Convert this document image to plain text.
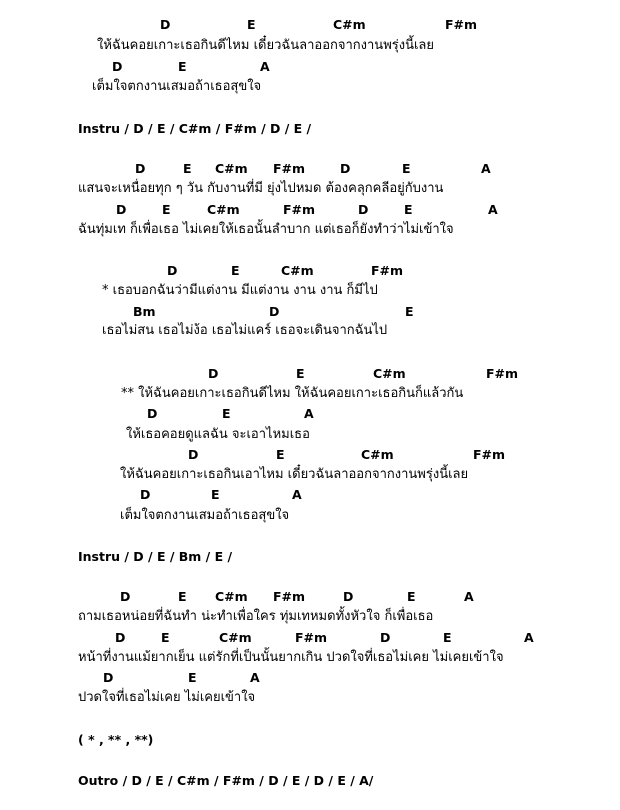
D	E	C#m	F#m
ให้ฉันคอยเกาะเธอกินดีไหม เดี๋ยวฉันลาออกจากงานพรุ่งนี้เลย
D	E	A
เต็มใจตกงานเสมอถ้าเธอสุขใจ
Instru / D / E / C#m / F#m / D / E /
D	E C#m F#m	D	E	A
แสนจะเหนื่อยทุก ๆ วัน กับงานที่มี ยุ่งไปหมด ต้องคลุกคลีอยู่กับงาน
D	E	C#m	F#m	D	E	A
ฉันทุ่มเท ก็เพื่อเธอ ไม่เคยให้เธอนั้นลำบาก แต่เธอก็ยังทำว่าไม่เข้าใจ
D	E	C#m	F#m
* เธอบอกฉันว่ามีแต่งาน มีแต่งาน งาน งาน ก็มีไป
Bm	D	E
เธอไม่สน เธอไม่ง้อ เธอไม่แคร์ เธอจะเดินจากฉันไป
D	E	C#m	F#m
** ให้ฉันคอยเกาะเธอกินดีไหม ให้ฉันคอยเกาะเธอกินก็แล้วกัน
D	E	A
ให้เธอคอยดูแลฉัน จะเอาไหมเธอ
D	E	C#m	F#m
ให้ฉันคอยเกาะเธอกินเอาไหม เดี๋ยวฉันลาออกจากงานพรุ่งนี้เลย
D	E	A
เต็มใจตกงานเสมอถ้าเธอสุขใจ
Instru / D / E / Bm / E /
D	E C#m F#m	D	E	A
ถามเธอหน่อยที่ฉันทำ น่ะทำเพื่อใคร ทุ่มเทหมดทั้งหัวใจ ก็เพื่อเธอ
D	E	C#m	F#m	D	E	A
หน้าที่งานแม้ยากเย็น แต่รักที่เป็นนั้นยากเกิน ปวดใจที่เธอไม่เคย ไม่เคยเข้าใจ
D	E	A
ปวดใจที่เธอไม่เคย ไม่เคยเข้าใจ
( * , ** , **)
Outro / D / E / C#m / F#m / D / E / D / E / A/
